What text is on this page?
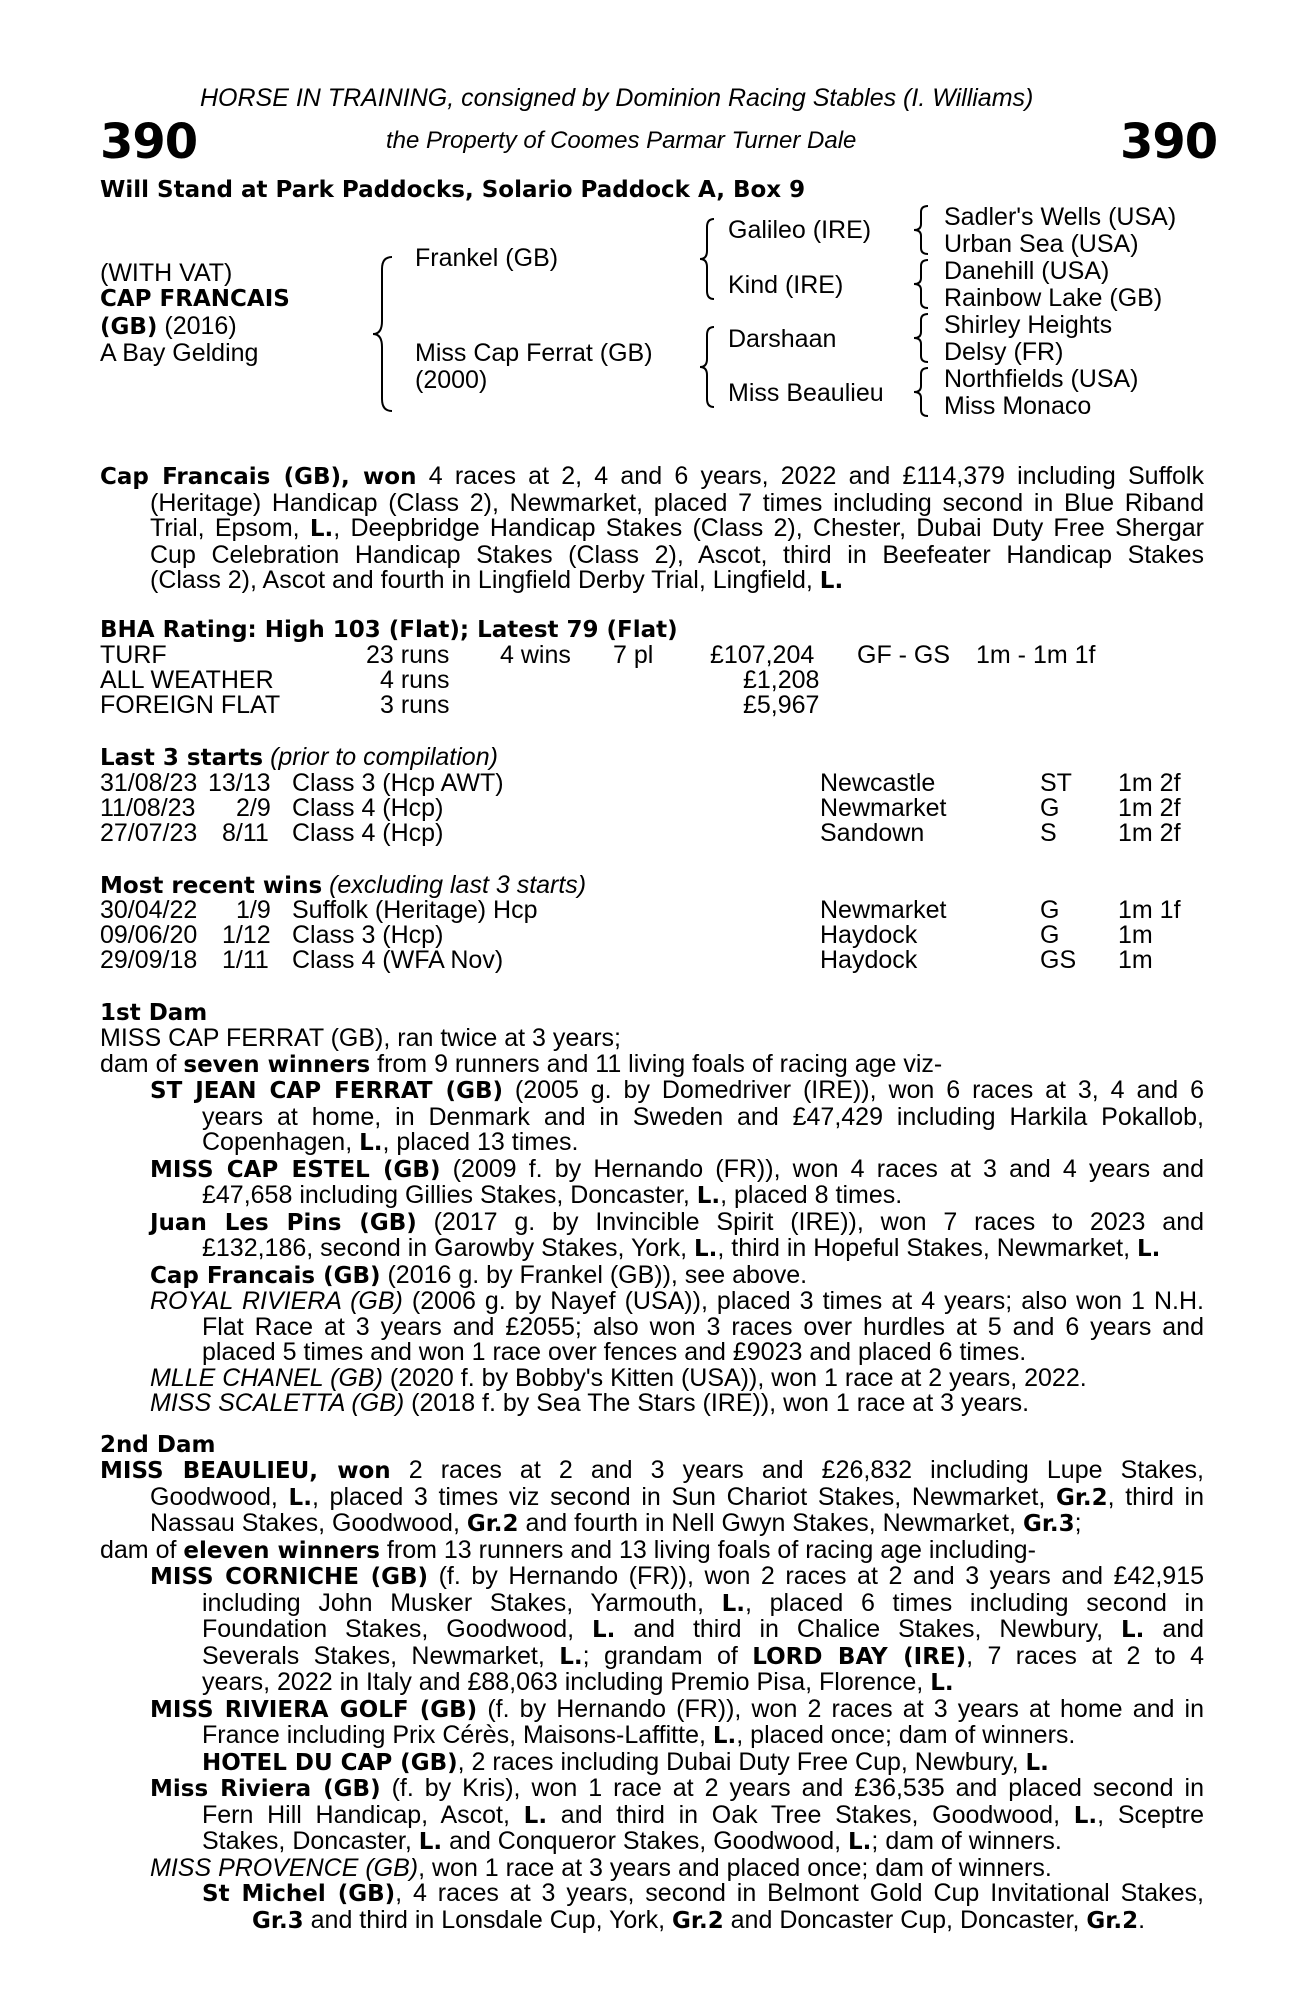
HORSE IN TRAINING, consigned by Dominion Racing Stables (I. Williams)
390	the Property of Coomes Parmar Turner Dale	390
Will Stand at Park Paddocks, Solario Paddock A, Box 9
(WITH VAT)
CAP FRANCAIS
(GB) (2016)
A Bay Gelding
Frankel (GB)
Miss Cap Ferrat (GB)
(2000)
Galileo (IRE)
Kind (IRE)
Darshaan
Miss Beaulieu
Sadler's Wells (USA)
Urban Sea (USA)
Danehill (USA)
Rainbow Lake (GB)
Shirley Heights
Delsy (FR)
Northfields (USA)
Miss Monaco
Cap Francais (GB), won 4 races at 2, 4 and 6 years, 2022 and £114,379 including Suffolk
(Heritage) Handicap (Class 2), Newmarket, placed 7 times including second in Blue Riband
Trial, Epsom, L., Deepbridge Handicap Stakes (Class 2), Chester, Dubai Duty Free Shergar
Cup Celebration Handicap Stakes (Class 2), Ascot, third in Beefeater Handicap Stakes
(Class 2), Ascot and fourth in Lingfield Derby Trial, Lingfield, L.
BHA Rating: High 103 (Flat); Latest 79 (Flat)
TURF	23 runs 4 wins 7 pl £107,204 GF - GS 1m - 1m 1f
ALL WEATHER	4 runs	£1,208
FOREIGN FLAT	3 runs	£5,967
Last 3 starts (prior to compilation)
31/08/23 13/13 Class 3 (Hcp AWT)	Newcastle	ST 1m 2f
11/08/23 2/9 Class 4 (Hcp)	Newmarket	G 1m 2f
27/07/23 8/11 Class 4 (Hcp)	Sandown	S 1m 2f
Most recent wins (excluding last 3 starts)
30/04/22 1/9 Suffolk (Heritage) Hcp	Newmarket	G 1m 1f
09/06/20 1/12 Class 3 (Hcp)	Haydock	G 1m
29/09/18 1/11 Class 4 (WFA Nov)	Haydock	GS 1m
1st Dam
MISS CAP FERRAT (GB), ran twice at 3 years;
dam of seven winners from 9 runners and 11 living foals of racing age viz-
ST JEAN CAP FERRAT (GB) (2005 g. by Domedriver (IRE)), won 6 races at 3, 4 and 6
years at home, in Denmark and in Sweden and £47,429 including Harkila Pokallob,
Copenhagen, L., placed 13 times.
MISS CAP ESTEL (GB) (2009 f. by Hernando (FR)), won 4 races at 3 and 4 years and
£47,658 including Gillies Stakes, Doncaster, L., placed 8 times.
Juan Les Pins (GB) (2017 g. by Invincible Spirit (IRE)), won 7 races to 2023 and
£132,186, second in Garowby Stakes, York, L., third in Hopeful Stakes, Newmarket, L.
Cap Francais (GB) (2016 g. by Frankel (GB)), see above.
ROYAL RIVIERA (GB) (2006 g. by Nayef (USA)), placed 3 times at 4 years; also won 1 N.H.
Flat Race at 3 years and £2055; also won 3 races over hurdles at 5 and 6 years and
placed 5 times and won 1 race over fences and £9023 and placed 6 times.
MLLE CHANEL (GB) (2020 f. by Bobby's Kitten (USA)), won 1 race at 2 years, 2022.
MISS SCALETTA (GB) (2018 f. by Sea The Stars (IRE)), won 1 race at 3 years.
2nd Dam
MISS BEAULIEU, won 2 races at 2 and 3 years and £26,832 including Lupe Stakes,
Goodwood, L., placed 3 times viz second in Sun Chariot Stakes, Newmarket, Gr.2, third in
Nassau Stakes, Goodwood, Gr.2 and fourth in Nell Gwyn Stakes, Newmarket, Gr.3;
dam of eleven winners from 13 runners and 13 living foals of racing age including-
MISS CORNICHE (GB) (f. by Hernando (FR)), won 2 races at 2 and 3 years and £42,915
including John Musker Stakes, Yarmouth, L., placed 6 times including second in
Foundation Stakes, Goodwood, L. and third in Chalice Stakes, Newbury, L. and
Severals Stakes, Newmarket, L.; grandam of LORD BAY (IRE), 7 races at 2 to 4
years, 2022 in Italy and £88,063 including Premio Pisa, Florence, L.
MISS RIVIERA GOLF (GB) (f. by Hernando (FR)), won 2 races at 3 years at home and in
France including Prix Cérès, Maisons-Laffitte, L., placed once; dam of winners.
HOTEL DU CAP (GB), 2 races including Dubai Duty Free Cup, Newbury, L.
Miss Riviera (GB) (f. by Kris), won 1 race at 2 years and £36,535 and placed second in
Fern Hill Handicap, Ascot, L. and third in Oak Tree Stakes, Goodwood, L., Sceptre
Stakes, Doncaster, L. and Conqueror Stakes, Goodwood, L.; dam of winners.
MISS PROVENCE (GB), won 1 race at 3 years and placed once; dam of winners.
St Michel (GB), 4 races at 3 years, second in Belmont Gold Cup Invitational Stakes,
Gr.3 and third in Lonsdale Cup, York, Gr.2 and Doncaster Cup, Doncaster, Gr.2.
